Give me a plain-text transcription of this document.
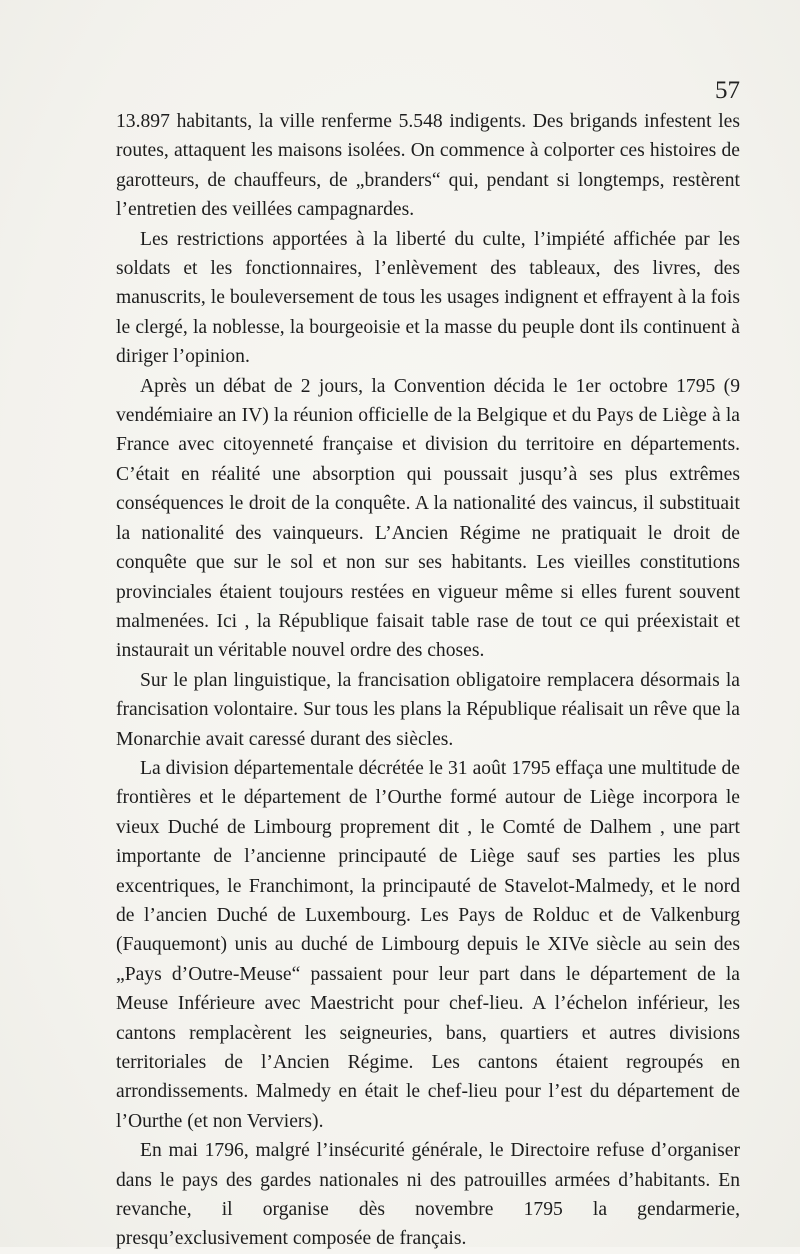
57

13.897 habitants, la ville renferme 5.548 indigents. Des brigands infestent les routes, attaquent les maisons isolées. On commence à colporter ces histoires de garotteurs, de chauffeurs, de „branders“ qui, pendant si longtemps, restèrent l’entretien des veillées campagnardes.

Les restrictions apportées à la liberté du culte, l’impiété affichée par les soldats et les fonctionnaires, l’enlèvement des tableaux, des livres, des manuscrits, le bouleversement de tous les usages indignent et effrayent à la fois le clergé, la noblesse, la bourgeoisie et la masse du peuple dont ils continuent à diriger l’opinion.

Après un débat de 2 jours, la Convention décida le 1er octobre 1795 (9 vendémiaire an IV) la réunion officielle de la Belgique et du Pays de Liège à la France avec citoyenneté française et division du territoire en départements. C’était en réalité une absorption qui poussait jusqu’à ses plus extrêmes conséquences le droit de la conquête. A la nationalité des vaincus, il substituait la nationalité des vainqueurs. L’Ancien Régime ne pratiquait le droit de conquête que sur le sol et non sur ses habitants. Les vieilles constitutions provinciales étaient toujours restées en vigueur même si elles furent souvent malmenées. Ici , la République faisait table rase de tout ce qui préexistait et instaurait un véritable nouvel ordre des choses.

Sur le plan linguistique, la francisation obligatoire remplacera désormais la francisation volontaire. Sur tous les plans la République réalisait un rêve que la Monarchie avait caressé durant des siècles.

La division départementale décrétée le 31 août 1795 effaça une multitude de frontières et le département de l’Ourthe formé autour de Liège incorpora le vieux Duché de Limbourg proprement dit , le Comté de Dalhem , une part importante de l’ancienne principauté de Liège sauf ses parties les plus excentriques, le Franchimont, la principauté de Stavelot-Malmedy, et le nord de l’ancien Duché de Luxembourg. Les Pays de Rolduc et de Valkenburg (Fauquemont) unis au duché de Limbourg depuis le XIVe siècle au sein des „Pays d’Outre-Meuse“ passaient pour leur part dans le département de la Meuse Inférieure avec Maestricht pour chef-lieu. A l’échelon inférieur, les cantons remplacèrent les seigneuries, bans, quartiers et autres divisions territoriales de l’Ancien Régime. Les cantons étaient regroupés en arrondissements. Malmedy en était le chef-lieu pour l’est du département de l’Ourthe (et non Verviers).

En mai 1796, malgré l’insécurité générale, le Directoire refuse d’organiser dans le pays des gardes nationales ni des patrouilles armées d’habitants. En revanche, il organise dès novembre 1795 la gendarmerie, presqu’exclusivement composée de français.
